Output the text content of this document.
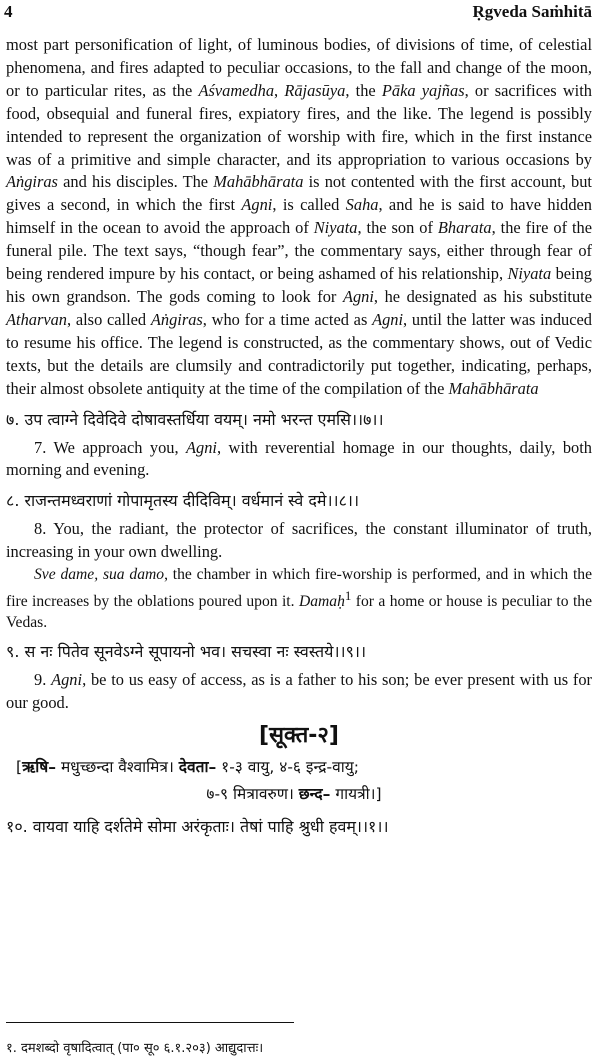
4	Ṛgveda Saṁhitā

most part personification of light, of luminous bodies, of divisions of time, of celestial phenomena, and fires adapted to peculiar occasions, to the fall and change of the moon, or to particular rites, as the Aśvamedha, Rājasūya, the Pāka yajñas, or sacrifices with food, obsequial and funeral fires, expiatory fires, and the like. The legend is possibly intended to represent the organization of worship with fire, which in the first instance was of a primitive and simple character, and its appropriation to various occasions by Aṅgiras and his disciples. The Mahābhārata is not contented with the first account, but gives a second, in which the first Agni, is called Saha, and he is said to have hidden himself in the ocean to avoid the approach of Niyata, the son of Bharata, the fire of the funeral pile. The text says, “though fear”, the commentary says, either through fear of being rendered impure by his contact, or being ashamed of his relationship, Niyata being his own grandson. The gods coming to look for Agni, he designated as his substitute Atharvan, also called Aṅgiras, who for a time acted as Agni, until the latter was induced to resume his office. The legend is constructed, as the commentary shows, out of Vedic texts, but the details are clumsily and contradictorily put together, indicating, perhaps, their almost obsolete antiquity at the time of the compilation of the Mahābhārata

७. उप त्वाग्ने दिवेदिवे दोषावस्तर्धिया वयम्। नमो भरन्त एमसि।।७।।

7. We approach you, Agni, with reverential homage in our thoughts, daily, both morning and evening.

८. राजन्तमध्वराणां गोपामृतस्य दीदिविम्। वर्धमानं स्वे दमे।।८।।

8. You, the radiant, the protector of sacrifices, the constant illuminator of truth, increasing in your own dwelling.

Sve dame, sua damo, the chamber in which fire-worship is performed, and in which the fire increases by the oblations poured upon it. Damaḥ$^1$ for a home or house is peculiar to the Vedas.

९. स नः पितेव सूनवेऽग्ने सूपायनो भव। सचस्वा नः स्वस्तये।।९।।

9. Agni, be to us easy of access, as is a father to his son; be ever present with us for our good.

[सूक्त-२]

[ऋषि– मधुच्छन्दा वैश्वामित्र। देवता– १-३ वायु, ४-६ इन्द्र-वायु;
७-९ मित्रावरुण। छन्द– गायत्री।]

१०. वायवा याहि दर्शतेमे सोमा अरंकृताः। तेषां पाहि श्रुधी हवम्।।१।।

१. दमशब्दो वृषादित्वात् (पा० सू० ६.१.२०३) आद्युदात्तः।
